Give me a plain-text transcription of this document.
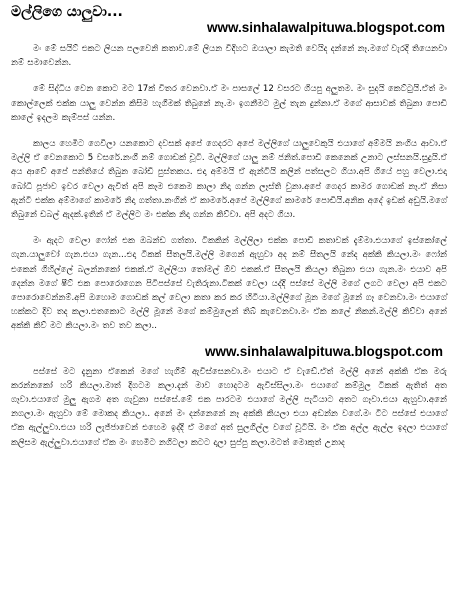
මල්ලිගෙ යාලුවා...
www.sinhalawalpituwa.blogspot.com

මං මේ සයිට් එකට ලියන පලවෙනි කතාව.මේ ලියන විදිහට ඔයාලා කැමති වෙයිද දන්නේ නෑ.මගේ වැරදි තියෙනවා නම් සමාවෙන්න.

මේ සිද්ධිය වෙන කොට මට 17ක් විතර වෙනවා.ඒ මං පාසලේ 12 වසරට ගියපු අලුතම. මං සුදයි කෙට්ටුයි.ඒත් මං කොල්ලෙක් එක්ක යාලු වෙන්න කිසිම හැගීමක් තිබුනේ නෑ.මං ඉගනීමට මුල් තැන දුන්නා.ඒ මගේ ආසාවක් තිබුනා පොඩි කාලේ ඉදලම කැම්පස් යන්න.

කාලය හෙමිට ගෙවිලා යනකොට දවසක් අපේ ගෙදරට අපේ මල්ලිගේ යාලුවෙකුයි එයාගේ අම්මයි නංගිය ආවා.ඒ මල්ලි ඒ වෙනකොට 5 වසරේ.නංගී නම් ගොඩක් චූටි. මල්ලිගේ යාලු නම් ජනිත්.පොඩි කෙනෙක් උනාට ලස්සනයි.සුදුයි.ඒ අය ආවේ අපේ පන්තියේ තිබුන බෝඩි පුස්තකය. එදා අම්මයි ඒ ඇන්ටියි කලින් පත්සලට ගියා.අපි ගියේ පහු වෙලා.එදා බෝධි පූජාව ඉවර වෙලා ඇවිත් අපි කෑම එකෙම කාලා නිදා ගන්න ලෑස්ති වුනා.අපේ ගෙදර කාමර ගොඩක් නෑ.ඒ නිසා ඇන්ටි එක්ක අම්මාගේ කාමරේ නිදා ගත්තා.නංගින් ඒ කාමරේ.අපේ මල්ලිගේ කාමරේ පොඩියි.අනික අදේ ඉඩක් අඩුයි.මගේ තිබුනේ ඩබල් ඇදක්.ඉතින් ඒ මල්ලිට මං එක්ක නිදා ගන්න කිව්වා. අපි අදට ගියා.

මං ඇදට වෙලා ෆෝන් එක ඔබන්ඩ ගත්තා. ටිකකින් මල්ලිලා එක්ක පොඩි කතාවක් දැම්මා.එයාගේ ඉස්කෝලේ ගැන.යාලුවෝ ගැන.එයා ගැන...එදා ටිකක් සීතලයි.මල්ලි මගෙන් ඇහුවා අද නම් සීතලයි නේද අක්කි කියලා.මං ෆෝන් එකෙන් ගිහිල්ලේ බලන්නකෝ එකක්.ඒ මල්ලියා තෝමල් ඕව එකක්.ඒ සීතලයි කියලා තිබුනා එයා ගැන.මං එයාව අපි දෙන්න මගේ ෂීට් එක පොරොගෙන පිටිපස්සේ වැතිරුනා.ටිකක් වෙලා යද්දි පස්සේ මල්ලි මගේ ලගට වෙලා අපි එකට පොරොවෙන්නම්.අපි ඔහොම ගොඩක් කල් වෙලා කතා කර කර හිටියා.මල්ලිගේ මූන මගේ මූනේ ගෑ වෙනවා.මං එයාගේ හක්කට දිව තද කලා.එතකොට මල්ලි මූනේ මගේ කම්මුලෙන් තිබ් කැවෙනවා.මං ඒක කලේ නිකන්.මල්ලි කිව්වා අනේ අක්කි කිව් මට කියලා.මං තව තව කලා..

www.sinhalawalpituwa.blogspot.com

පස්සේ මට දැනුනා ඒකෙන් මගේ හැගීම් ඇවිස්සෙනවා.මං එයාට ඒ වැඩේ.ඒත් මල්ලි අනේ අක්කි ඒක මරු කරන්නකෝ හරි කියලා.මාත් දිගටම කලා.දැන් මාව හොදටම ඇවිස්සිලා.මං එයාගේ කම්මුල ටිකක් ඇතිත් අත ගෑවා.එයාගේ මුලු ඇගම අත ගැවුනා පස්සේ.මේ එක පාරටම එයාගේ මල්ලි පැටියාට අතට ගෑවා.එයා ඇහුවා.අනේ නගලා.මං ඇහුවා මේ මොකද කියලා.. අනේ මං දන්නෙනේ නෑ අක්කි කියලා එයා අඩන්න වගේ.මං ටිට පස්සේ එයාගේ ඒක ඇල්ලුවා.එයා හරි ලැජ්ජාවෙන් එහෙම ඉද්දි ඒ මගේ අත් සුලගිල්ල වගේ චූටියි. මං ඒක අල්ල ඇල්ල ඉදලා එයාගේ කලිසම ඇල්ලුවා.එයාගේ ඒක මං හෙමිට නගිටලා කටට දාලා සුප්පු කලා.මටත් මොකුත් උනාද
